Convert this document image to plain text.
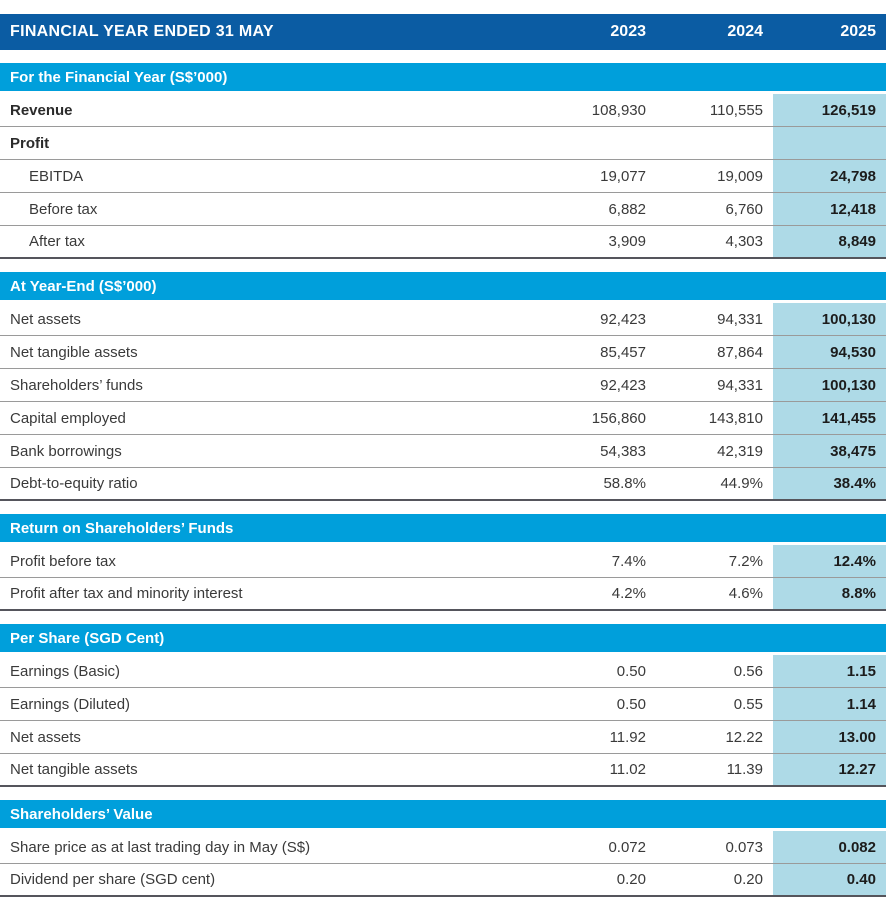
FINANCIAL YEAR ENDED 31 MAY	2023	2024	2025
For the Financial Year (S$’000)
Revenue	108,930	110,555	126,519
Profit
EBITDA	19,077	19,009	24,798
Before tax	6,882	6,760	12,418
After tax	3,909	4,303	8,849
At Year-End (S$’000)
Net assets	92,423	94,331	100,130
Net tangible assets	85,457	87,864	94,530
Shareholders’ funds	92,423	94,331	100,130
Capital employed	156,860	143,810	141,455
Bank borrowings	54,383	42,319	38,475
Debt-to-equity ratio	58.8%	44.9%	38.4%
Return on Shareholders’ Funds
Profit before tax	7.4%	7.2%	12.4%
Profit after tax and minority interest	4.2%	4.6%	8.8%
Per Share (SGD Cent)
Earnings (Basic)	0.50	0.56	1.15
Earnings (Diluted)	0.50	0.55	1.14
Net assets	11.92	12.22	13.00
Net tangible assets	11.02	11.39	12.27
Shareholders’ Value
Share price as at last trading day in May (S$)	0.072	0.073	0.082
Dividend per share (SGD cent)	0.20	0.20	0.40
